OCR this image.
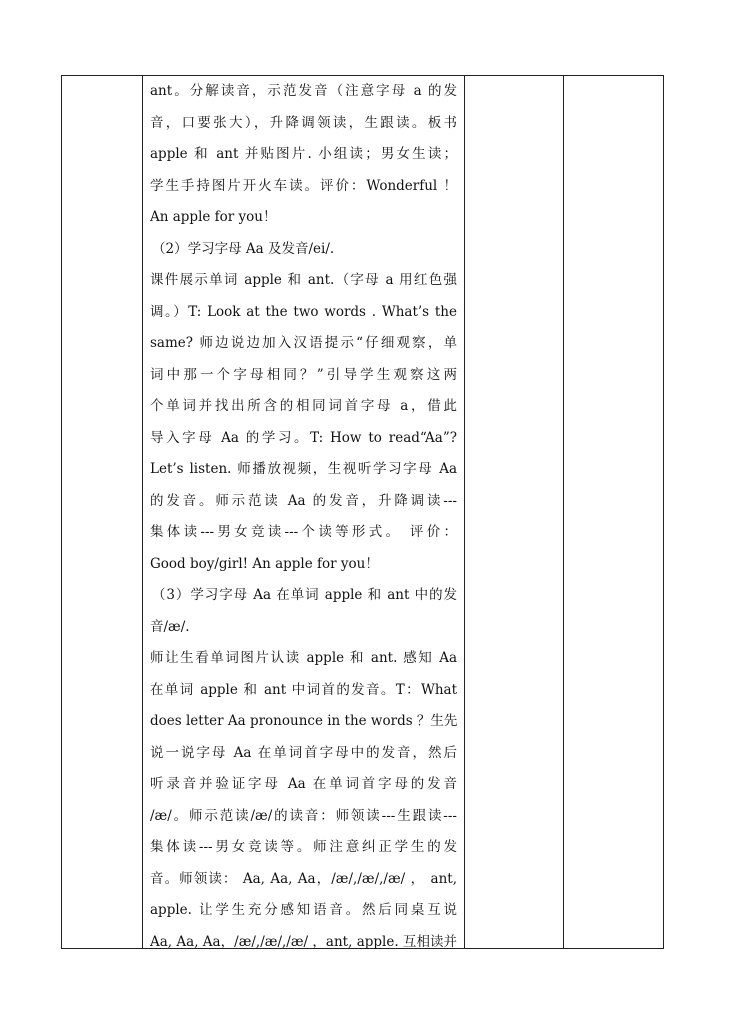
ant。分解读音，示范发音（注意字母 a 的发
音，口要张大），升降调领读，生跟读。板书
apple 和 ant 并贴图片. 小组读；男女生读；
学生手持图片开火车读。评价：Wonderful ！
An apple for you！
（2）学习字母 Aa 及发音/ei/.
课件展示单词 apple 和 ant.（字母 a 用红色强
调。）T: Look at the two words . What’s the
same? 师边说边加入汉语提示“仔细观察，单
词中那一个字母相同？”引导学生观察这两
个单词并找出所含的相同词首字母 a，借此
导入字母 Aa 的学习。T: How to read“Aa”?
Let’s listen. 师播放视频，生视听学习字母 Aa
的发音。师示范读 Aa 的发音，升降调读---
集体读---男女竞读---个读等形式。 评价：
Good boy/girl! An apple for you！
（3）学习字母 Aa 在单词 apple 和 ant 中的发
音/æ/.
师让生看单词图片认读 apple 和 ant. 感知 Aa
在单词 apple 和 ant 中词首的发音。T：What
does letter Aa pronounce in the words ？生先
说一说字母 Aa 在单词首字母中的发音，然后
听录音并验证字母 Aa 在单词首字母的发音
/æ/。师示范读/æ/的读音：师领读---生跟读---
集体读---男女竞读等。师注意纠正学生的发
音。师领读： Aa, Aa, Aa，/æ/,/æ/,/æ/ ， ant,
apple. 让学生充分感知语音。然后同桌互说
Aa, Aa, Aa，/æ/,/æ/,/æ/ ，ant, apple. 互相读并
